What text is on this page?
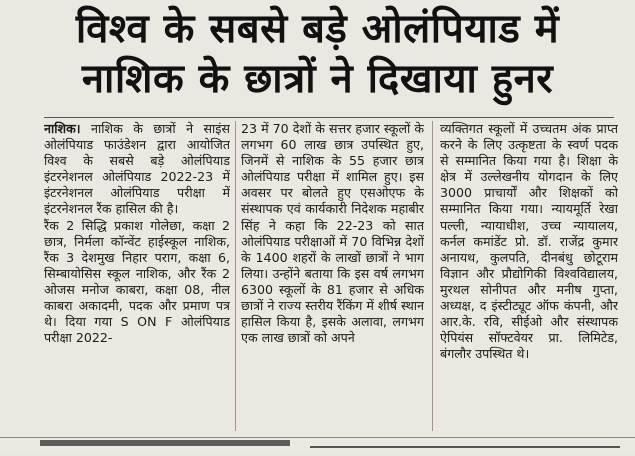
विश्व के सबसे बड़े ओलंपियाड में
नाशिक के छात्रों ने दिखाया हुनर

नाशिक। नाशिक के छात्रों ने साइंस ओलंपियाड फाउंडेशन द्वारा आयोजित विश्व के सबसे बड़े ओलंपियाड इंटरनेशनल ओलंपियाड 2022-23 में इंटरनेशनल ओलंपियाड परीक्षा में इंटरनेशनल रैंक हासिल की है।

रैंक 2 सिद्धि प्रकाश गोलेछा, कक्षा 2 छात्र, निर्मला कॉन्वेंट हाईस्कूल नाशिक, रैंक 3 देशमुख निहार पराग, कक्षा 6, सिम्बायोसिस स्कूल नाशिक, और रैंक 2 ओजस मनोज काबरा, कक्षा 08, नील काबरा अकादमी, पदक और प्रमाण पत्र थे। दिया गया S ON F ओलंपियाड परीक्षा 2022-

23 में 70 देशों के सत्तर हजार स्कूलों के लगभग 60 लाख छात्र उपस्थित हुए, जिनमें से नाशिक के 55 हजार छात्र ओलंपियाड परीक्षा में शामिल हुए। इस अवसर पर बोलते हुए एसओएफ के संस्थापक एवं कार्यकारी निदेशक महाबीर सिंह ने कहा कि 22-23 को सात ओलंपियाड परीक्षाओं में 70 विभिन्न देशों के 1400 शहरों के लाखों छात्रों ने भाग लिया। उन्होंने बताया कि इस वर्ष लगभग 6300 स्कूलों के 81 हजार से अधिक छात्रों ने राज्य स्तरीय रैंकिंग में शीर्ष स्थान हासिल किया है, इसके अलावा, लगभग एक लाख छात्रों को अपने

व्यक्तिगत स्कूलों में उच्चतम अंक प्राप्त करने के लिए उत्कृष्टता के स्वर्ण पदक से सम्मानित किया गया है। शिक्षा के क्षेत्र में उल्लेखनीय योगदान के लिए 3000 प्राचार्यों और शिक्षकों को सम्मानित किया गया। न्यायमूर्ति रेखा पल्ली, न्यायाधीश, उच्च न्यायालय, कर्नल कमांडेंट प्रो. डॉ. राजेंद्र कुमार अनायथ, कुलपति, दीनबंधु छोटूराम विज्ञान और प्रौद्योगिकी विश्वविद्यालय, मुरथल सोनीपत और मनीष गुप्ता, अध्यक्ष, द इंस्टीट्यूट ऑफ कंपनी, और आर.के. रवि, सीईओ और संस्थापक ऐपियंस सॉफ्टवेयर प्रा. लिमिटेड, बंगलौर उपस्थित थे।
